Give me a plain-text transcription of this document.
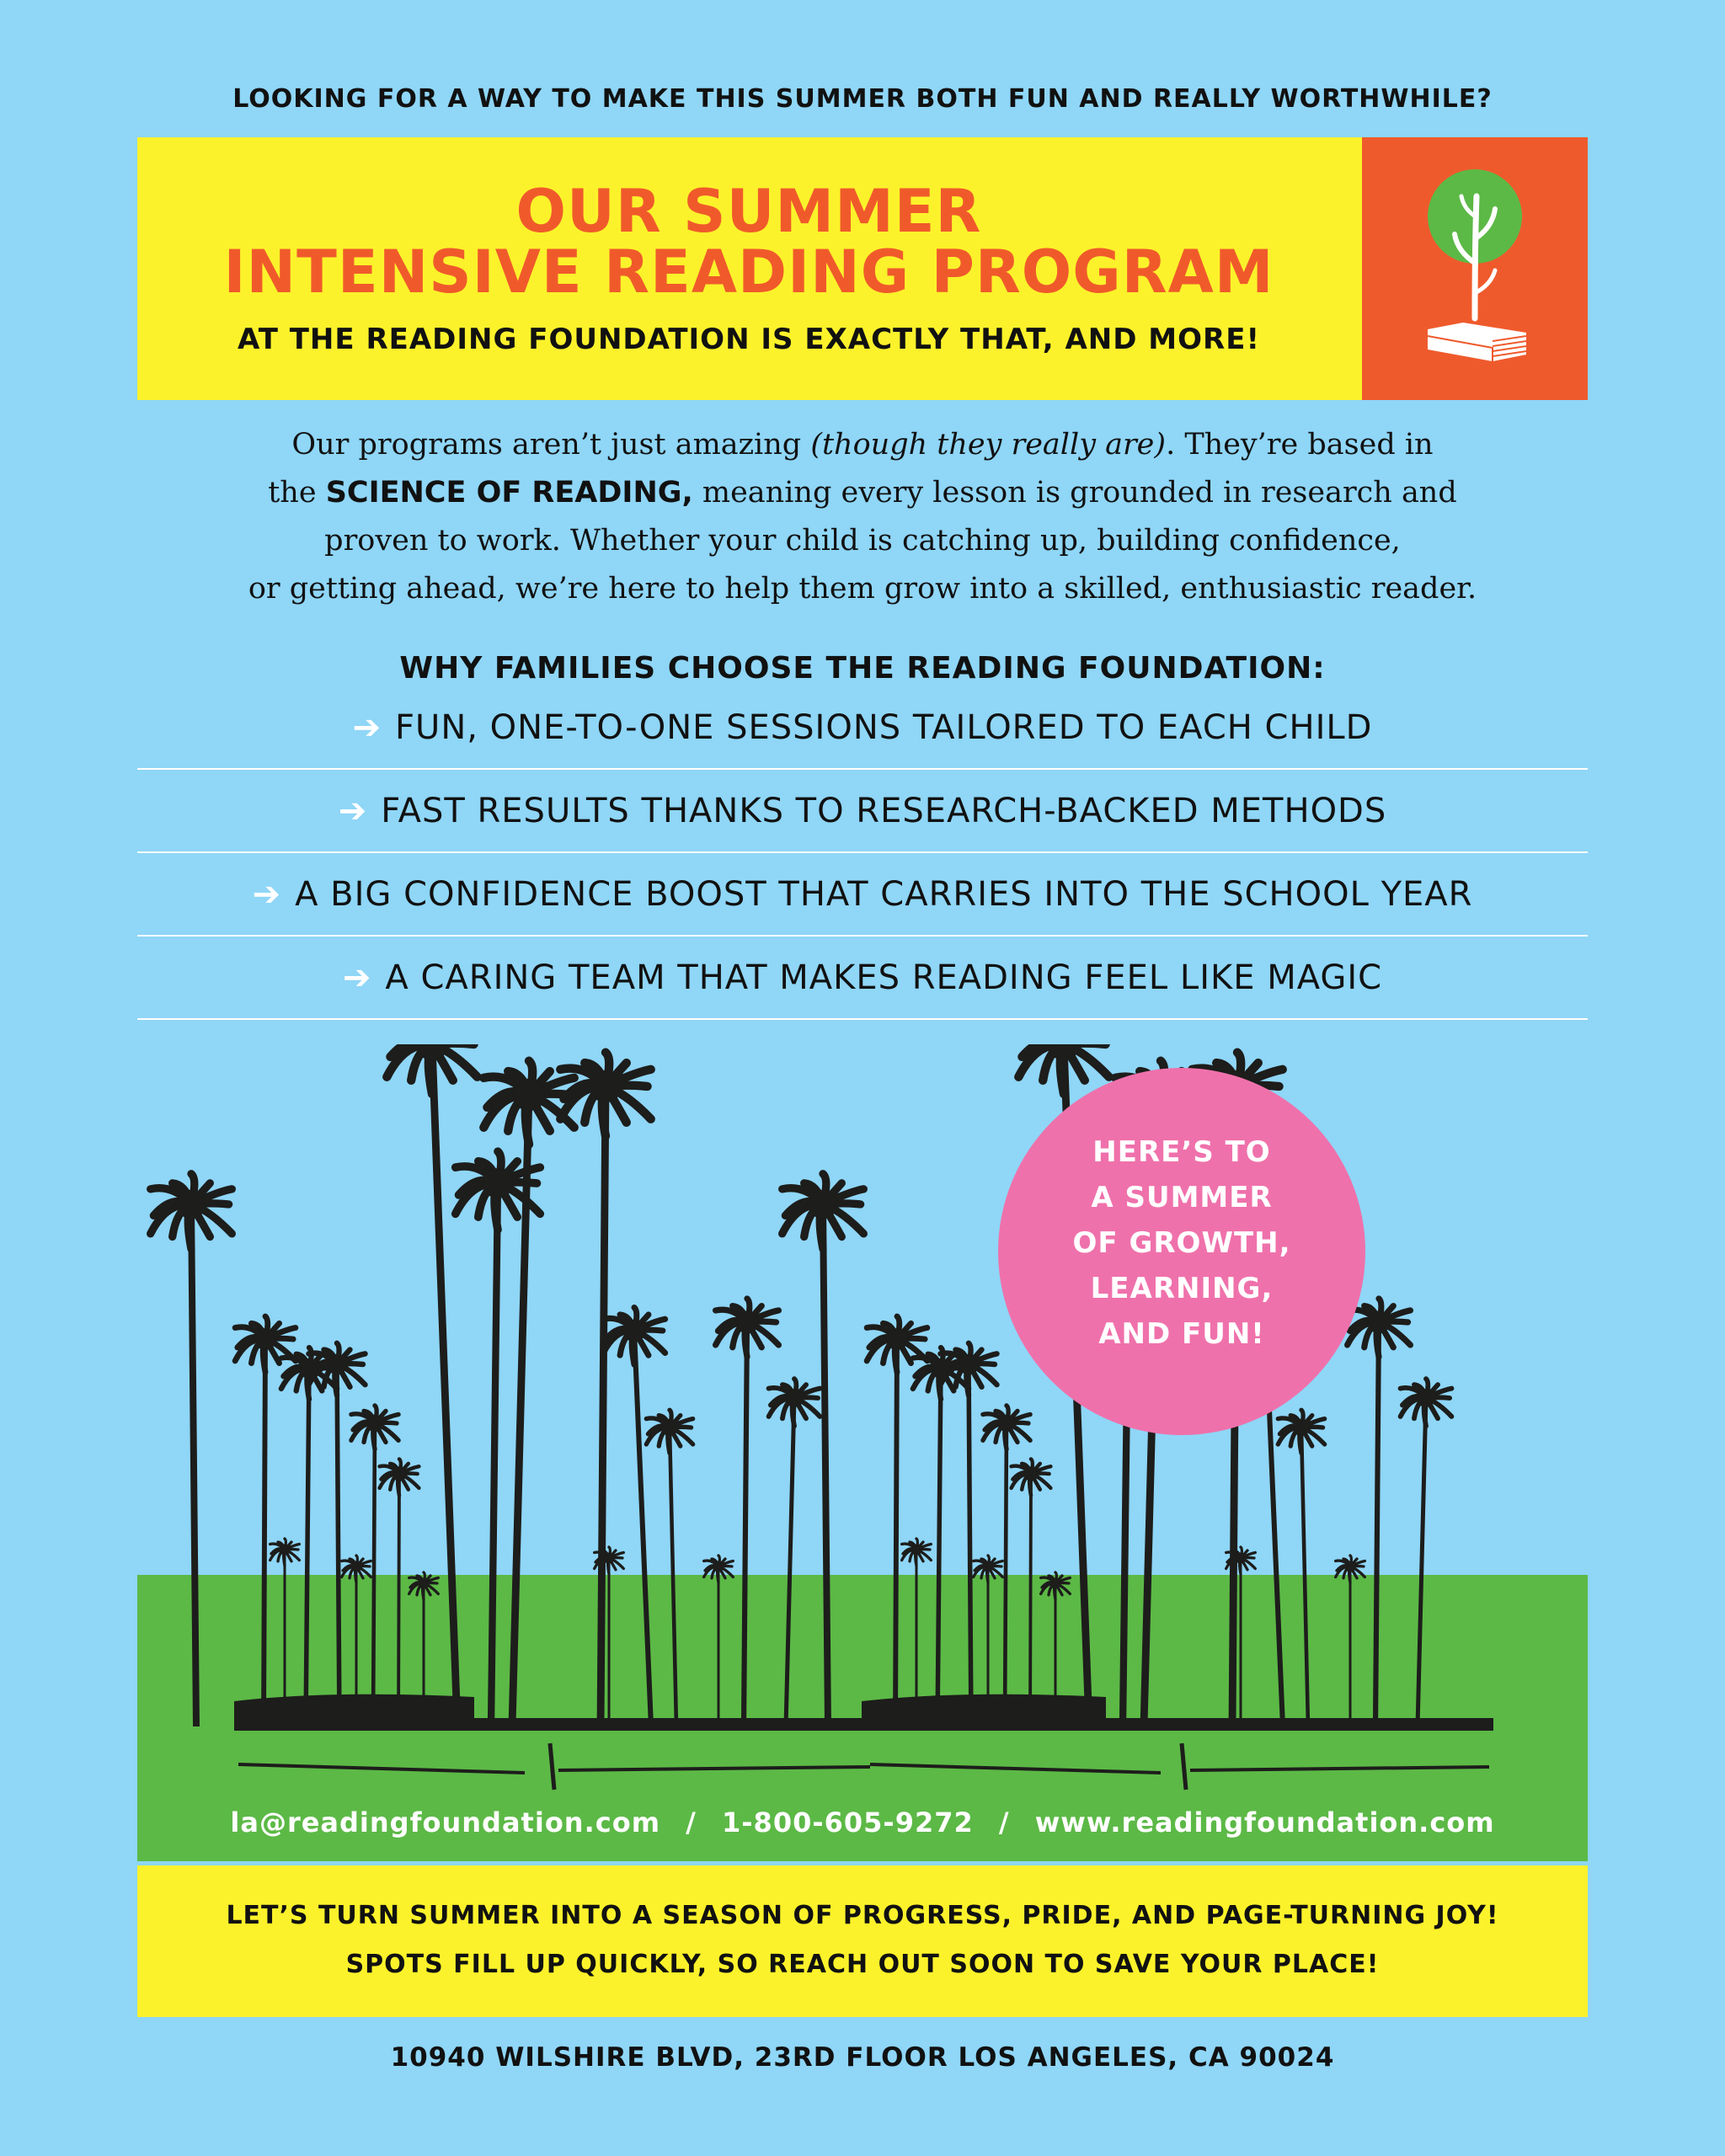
LOOKING FOR A WAY TO MAKE THIS SUMMER BOTH FUN AND REALLY WORTHWHILE?
OUR SUMMER
INTENSIVE READING PROGRAM
AT THE READING FOUNDATION IS EXACTLY THAT, AND MORE!
Our programs aren’t just amazing (though they really are). They’re based in
the SCIENCE OF READING, meaning every lesson is grounded in research and
proven to work. Whether your child is catching up, building confidence,
or getting ahead, we’re here to help them grow into a skilled, enthusiastic reader.
WHY FAMILIES CHOOSE THE READING FOUNDATION:
➔ FUN, ONE-TO-ONE SESSIONS TAILORED TO EACH CHILD
➔ FAST RESULTS THANKS TO RESEARCH-BACKED METHODS
➔ A BIG CONFIDENCE BOOST THAT CARRIES INTO THE SCHOOL YEAR
➔ A CARING TEAM THAT MAKES READING FEEL LIKE MAGIC
HERE’S TO
A SUMMER
OF GROWTH,
LEARNING,
AND FUN!
la@readingfoundation.com / 1-800-605-9272 / www.readingfoundation.com
LET’S TURN SUMMER INTO A SEASON OF PROGRESS, PRIDE, AND PAGE-TURNING JOY!
SPOTS FILL UP QUICKLY, SO REACH OUT SOON TO SAVE YOUR PLACE!
10940 WILSHIRE BLVD, 23RD FLOOR LOS ANGELES, CA 90024
